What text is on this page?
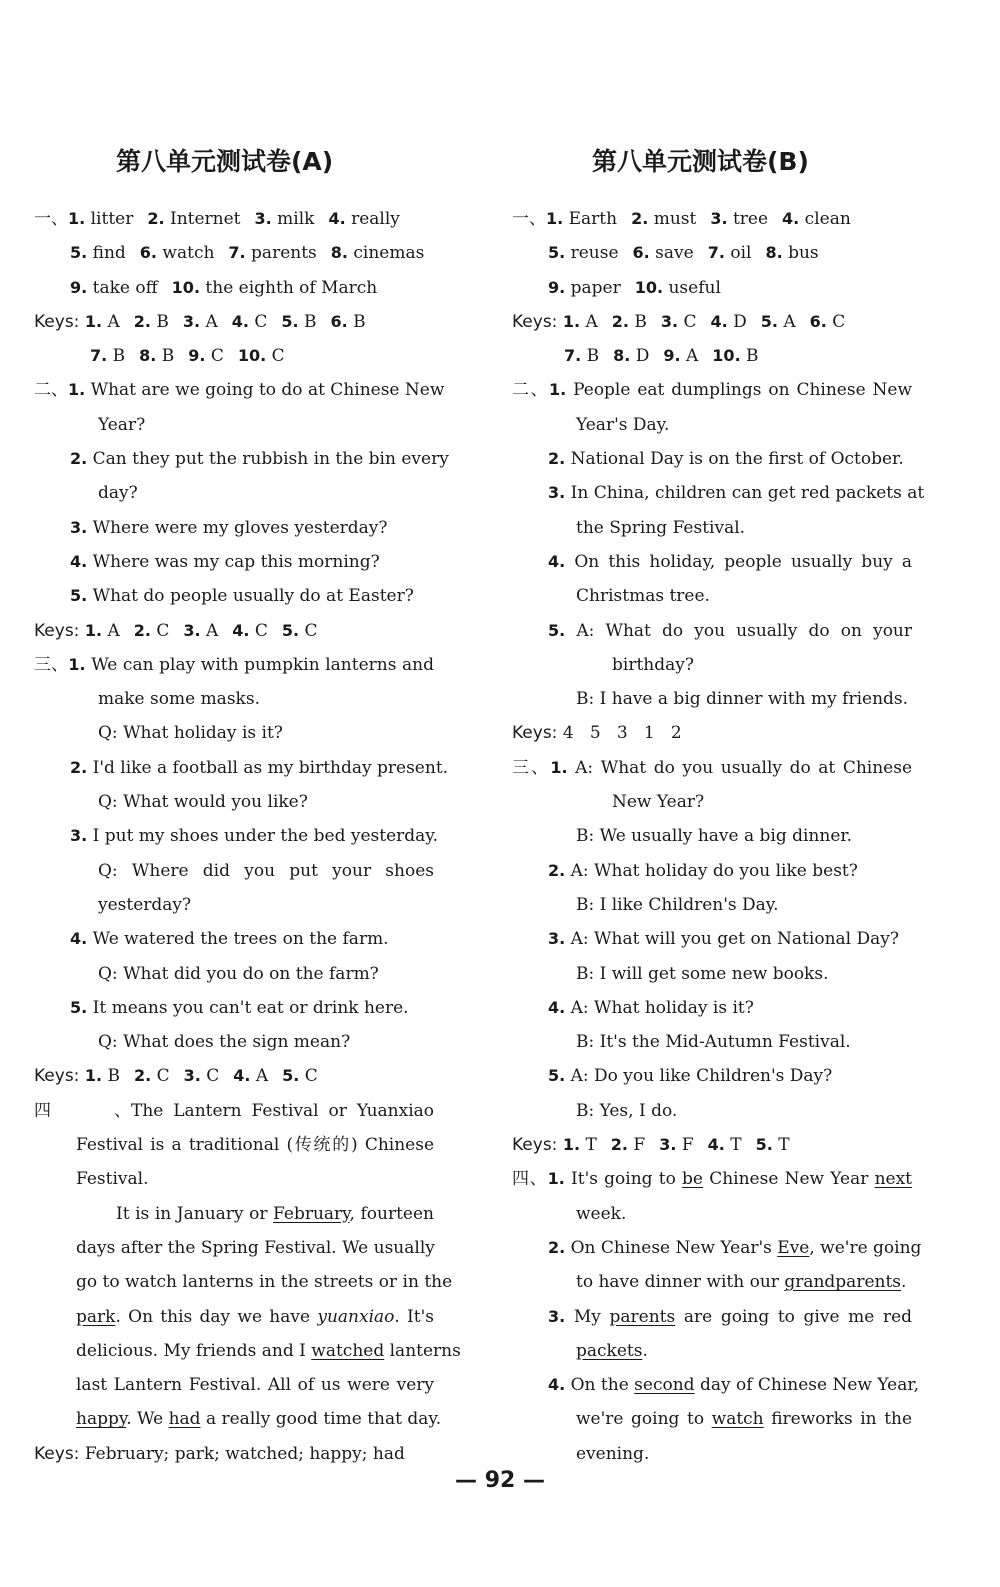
第八单元测试卷(A)
一、1. litter 2. Internet 3. milk 4. really
5. find 6. watch 7. parents 8. cinemas
9. take off 10. the eighth of March
Keys: 1. A 2. B 3. A 4. C 5. B 6. B
7. B 8. B 9. C 10. C
二、1. What are we going to do at Chinese New
Year?
2. Can they put the rubbish in the bin every
day?
3. Where were my gloves yesterday?
4. Where was my cap this morning?
5. What do people usually do at Easter?
Keys: 1. A 2. C 3. A 4. C 5. C
三、1. We can play with pumpkin lanterns and
make some masks.
Q: What holiday is it?
2. I'd like a football as my birthday present.
Q: What would you like?
3. I put my shoes under the bed yesterday.
Q: Where did you put your shoes
yesterday?
4. We watered the trees on the farm.
Q: What did you do on the farm?
5. It means you can't eat or drink here.
Q: What does the sign mean?
Keys: 1. B 2. C 3. C 4. A 5. C
四、 The Lantern Festival or Yuanxiao
Festival is a traditional (传统的) Chinese
Festival.
It is in January or February, fourteen
days after the Spring Festival. We usually
go to watch lanterns in the streets or in the
park. On this day we have yuanxiao. It's
delicious. My friends and I watched lanterns
last Lantern Festival. All of us were very
happy. We had a really good time that day.
Keys: February; park; watched; happy; had
第八单元测试卷(B)
一、1. Earth 2. must 3. tree 4. clean
5. reuse 6. save 7. oil 8. bus
9. paper 10. useful
Keys: 1. A 2. B 3. C 4. D 5. A 6. C
7. B 8. D 9. A 10. B
二、1. People eat dumplings on Chinese New
Year's Day.
2. National Day is on the first of October.
3. In China, children can get red packets at
the Spring Festival.
4. On this holiday, people usually buy a
Christmas tree.
5. A: What do you usually do on your
birthday?
B: I have a big dinner with my friends.
Keys: 4   5   3   1   2
三、1. A: What do you usually do at Chinese
New Year?
B: We usually have a big dinner.
2. A: What holiday do you like best?
B: I like Children's Day.
3. A: What will you get on National Day?
B: I will get some new books.
4. A: What holiday is it?
B: It's the Mid-Autumn Festival.
5. A: Do you like Children's Day?
B: Yes, I do.
Keys: 1. T 2. F 3. F 4. T 5. T
四、1. It's going to be Chinese New Year next
week.
2. On Chinese New Year's Eve, we're going
to have dinner with our grandparents.
3. My parents are going to give me red
packets.
4. On the second day of Chinese New Year,
we're going to watch fireworks in the
evening.
— 92 —
